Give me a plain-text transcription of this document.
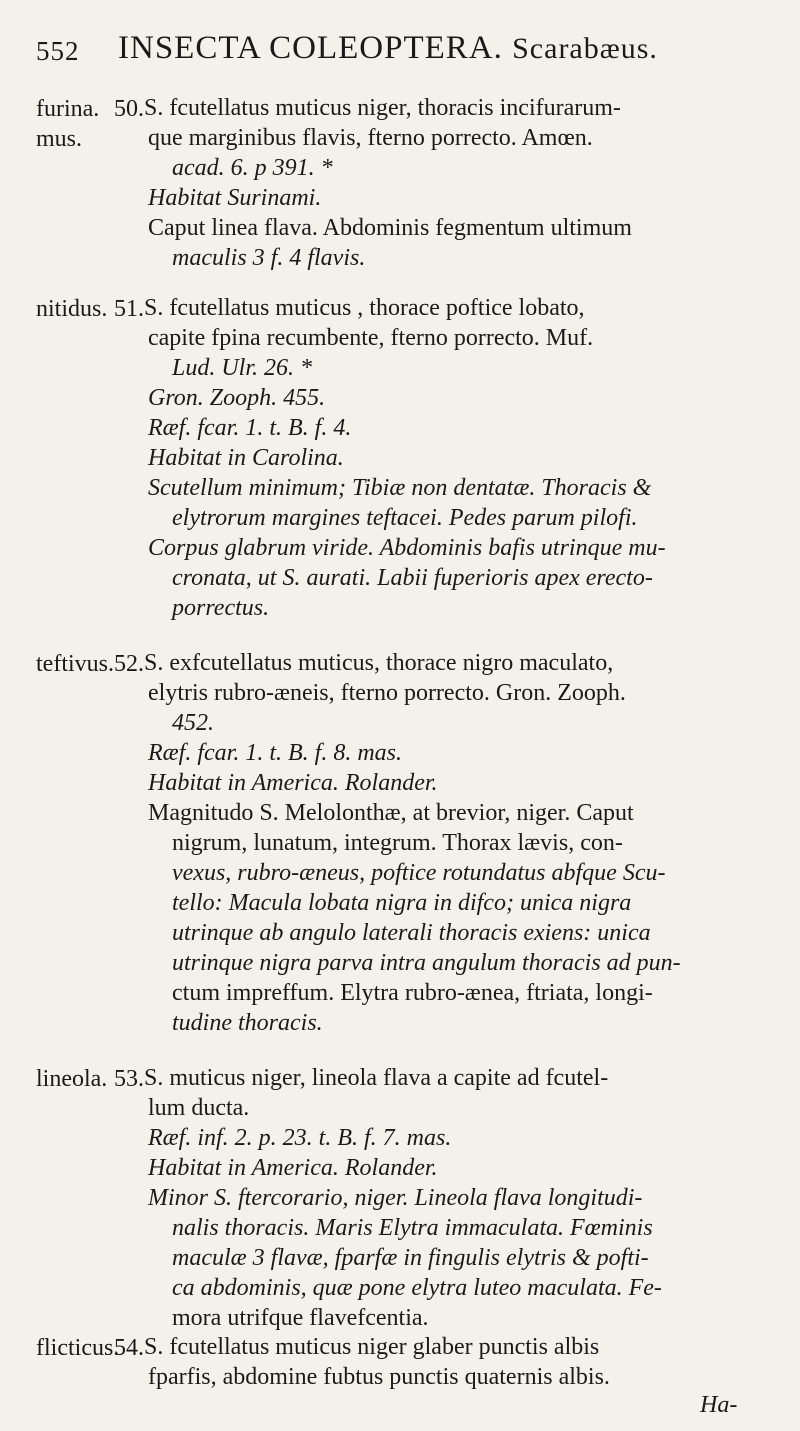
552 INSECTA COLEOPTERA. Scarabæus.
furina.
mus.
50. S. fcutellatus muticus niger, thoracis incifurarum-
que marginibus flavis, fterno porrecto. Amœn.
acad. 6. p 391. *
Habitat Surinami.
Caput linea flava. Abdominis fegmentum ultimum
maculis 3 f. 4 flavis.
nitidus. 51. S. fcutellatus muticus , thorace poftice lobato,
capite fpina recumbente, fterno porrecto. Muf.
Lud. Ulr. 26. *
Gron. Zooph. 455.
Ræf. fcar. 1. t. B. f. 4.
Habitat in Carolina.
Scutellum minimum; Tibiæ non dentatæ. Thoracis &
elytrorum margines teftacei. Pedes parum pilofi.
Corpus glabrum viride. Abdominis bafis utrinque mu-
cronata, ut S. aurati. Labii fuperioris apex erecto-
porrectus.
teftivus. 52. S. exfcutellatus muticus, thorace nigro maculato,
elytris rubro-æneis, fterno porrecto. Gron. Zooph.
452.
Ræf. fcar. 1. t. B. f. 8. mas.
Habitat in America. Rolander.
Magnitudo S. Melolonthæ, at brevior, niger. Caput
nigrum, lunatum, integrum. Thorax lævis, con-
vexus, rubro-æneus, poftice rotundatus abfque Scu-
tello: Macula lobata nigra in difco; unica nigra
utrinque ab angulo laterali thoracis exiens: unica
utrinque nigra parva intra angulum thoracis ad pun-
ctum impreffum. Elytra rubro-ænea, ftriata, longi-
tudine thoracis.
lineola. 53. S. muticus niger, lineola flava a capite ad fcutel-
lum ducta.
Ræf. inf. 2. p. 23. t. B. f. 7. mas.
Habitat in America. Rolander.
Minor S. ftercorario, niger. Lineola flava longitudi-
nalis thoracis. Maris Elytra immaculata. Fœminis
maculæ 3 flavæ, fparfæ in fingulis elytris & pofti-
ca abdominis, quæ pone elytra luteo maculata. Fe-
mora utrifque flavefcentia.
flicticus.
54. S. fcutellatus muticus niger glaber punctis albis
fparfis, abdomine fubtus punctis quaternis albis.
Ha-
